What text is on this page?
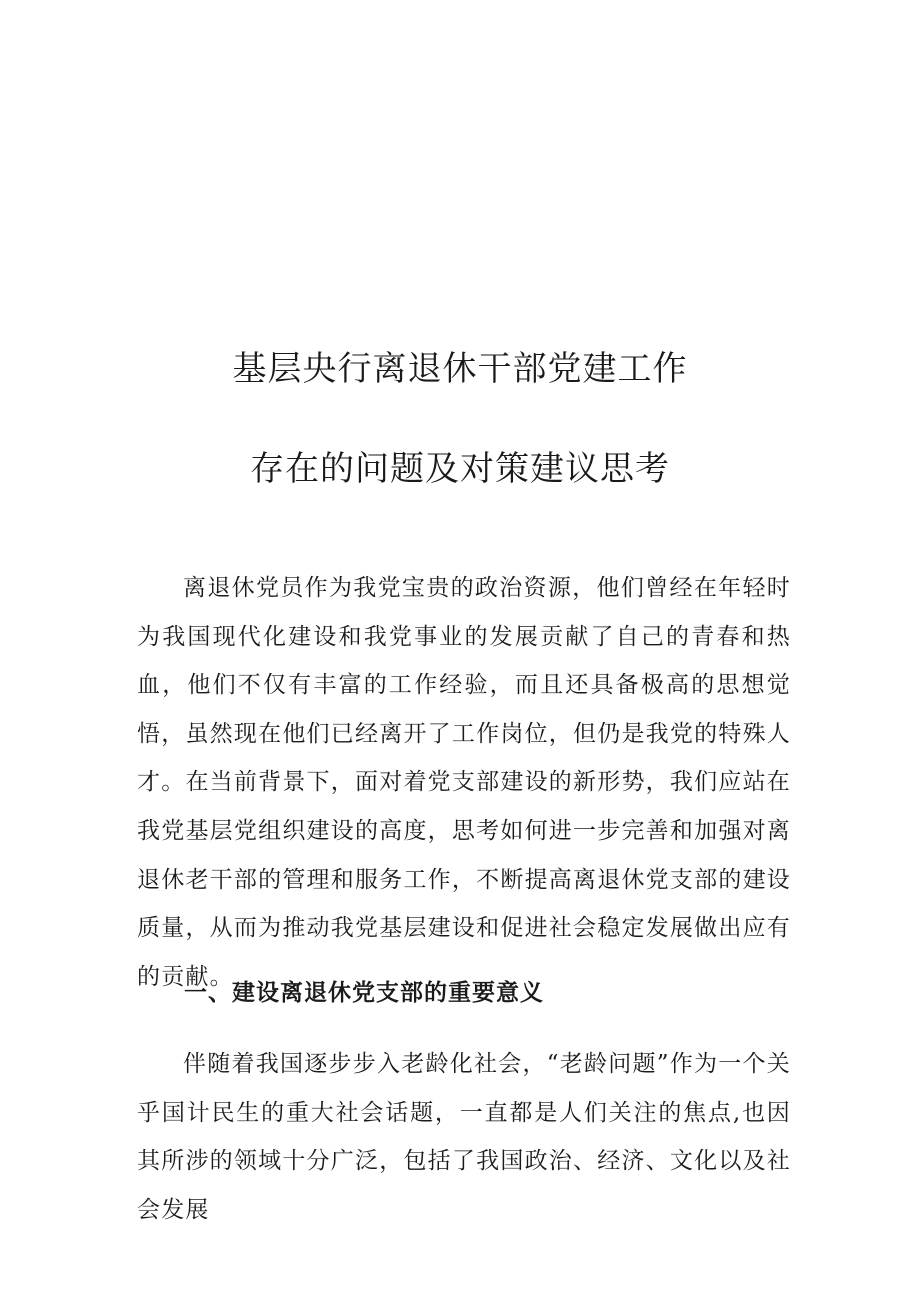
基层央行离退休干部党建工作
存在的问题及对策建议思考

离退休党员作为我党宝贵的政治资源，他们曾经在年轻时为我国现代化建设和我党事业的发展贡献了自己的青春和热血，他们不仅有丰富的工作经验，而且还具备极高的思想觉悟，虽然现在他们已经离开了工作岗位，但仍是我党的特殊人才。在当前背景下，面对着党支部建设的新形势，我们应站在我党基层党组织建设的高度，思考如何进一步完善和加强对离退休老干部的管理和服务工作，不断提高离退休党支部的建设质量，从而为推动我党基层建设和促进社会稳定发展做出应有的贡献。

一、建设离退休党支部的重要意义

伴随着我国逐步步入老龄化社会，“老龄问题”作为一个关乎国计民生的重大社会话题，一直都是人们关注的焦点,也因其所涉的领域十分广泛，包括了我国政治、经济、文化以及社会发展
